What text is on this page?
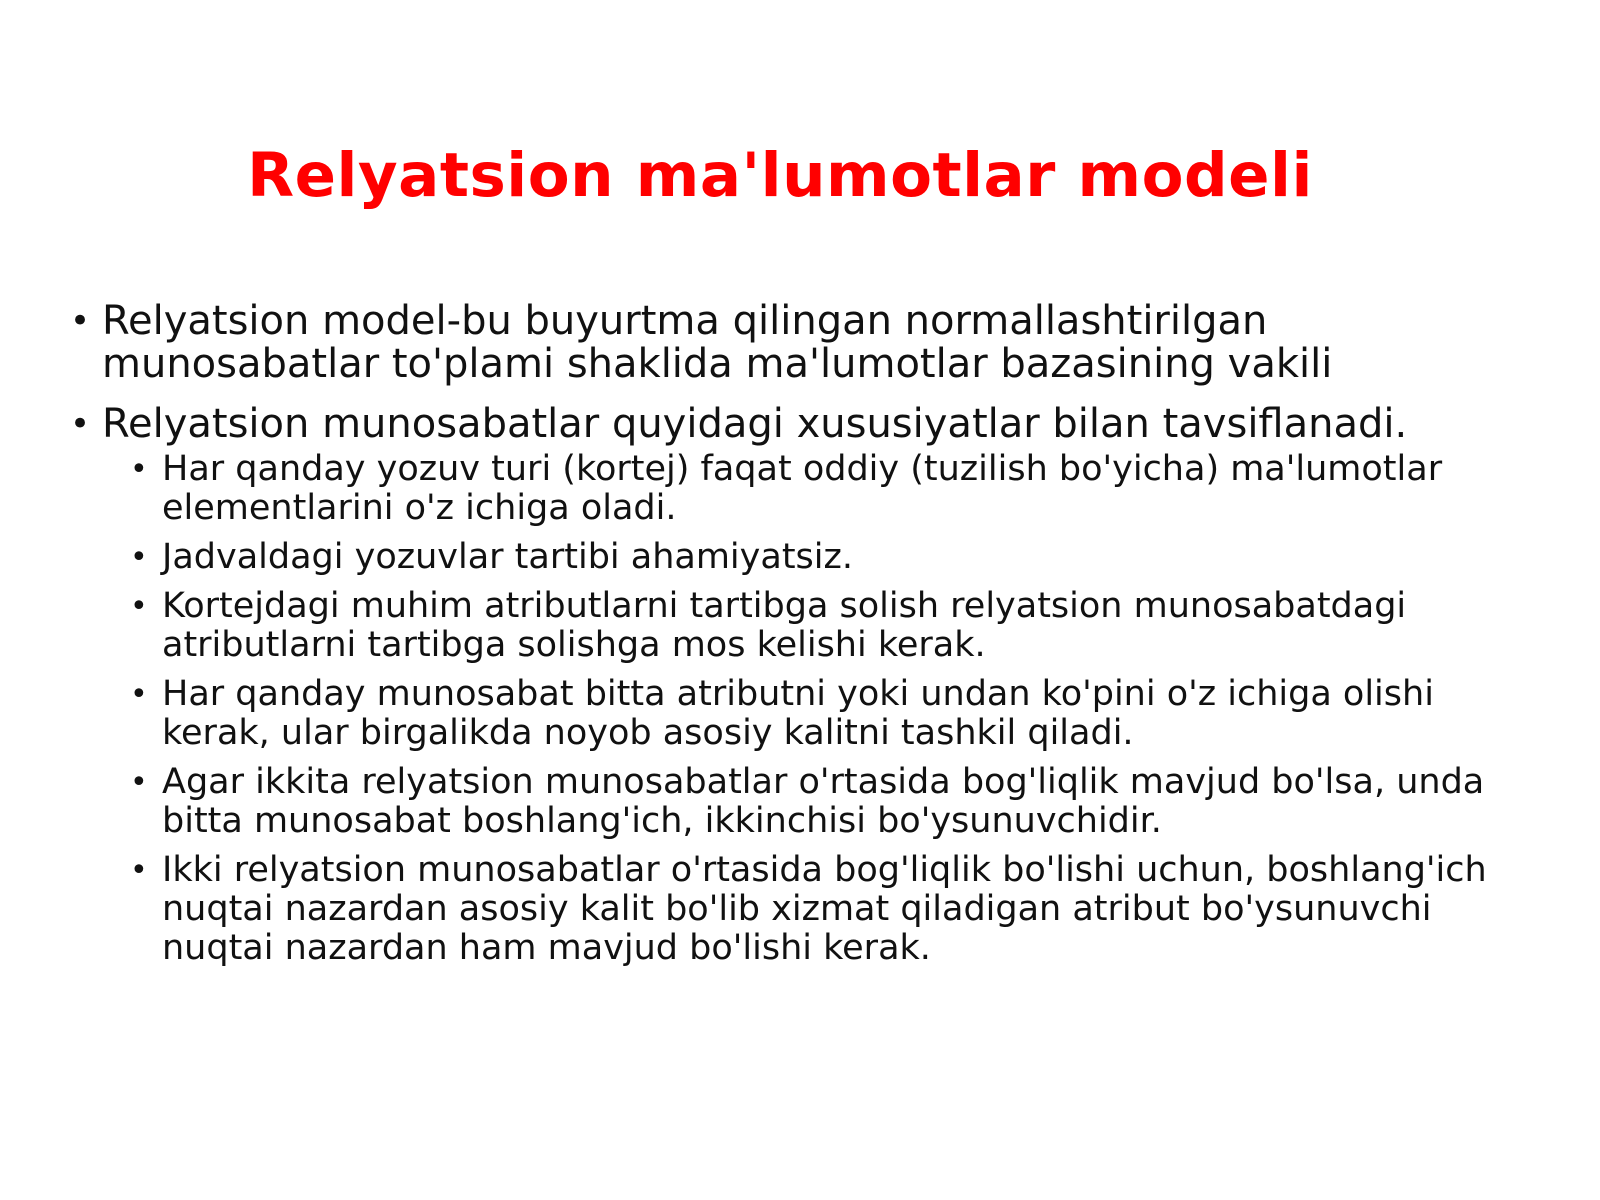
Relyatsion ma'lumotlar modeli
• Relyatsion model-bu buyurtma qilingan normallashtirilgan munosabatlar to'plami shaklida ma'lumotlar bazasining vakili
• Relyatsion munosabatlar quyidagi xususiyatlar bilan tavsiflanadi.
• Har qanday yozuv turi (kortej) faqat oddiy (tuzilish bo'yicha) ma'lumotlar elementlarini o'z ichiga oladi.
• Jadvaldagi yozuvlar tartibi ahamiyatsiz.
• Kortejdagi muhim atributlarni tartibga solish relyatsion munosabatdagi atributlarni tartibga solishga mos kelishi kerak.
• Har qanday munosabat bitta atributni yoki undan ko'pini o'z ichiga olishi kerak, ular birgalikda noyob asosiy kalitni tashkil qiladi.
• Agar ikkita relyatsion munosabatlar o'rtasida bog'liqlik mavjud bo'lsa, unda bitta munosabat boshlang'ich, ikkinchisi bo'ysunuvchidir.
• Ikki relyatsion munosabatlar o'rtasida bog'liqlik bo'lishi uchun, boshlang'ich nuqtai nazardan asosiy kalit bo'lib xizmat qiladigan atribut bo'ysunuvchi nuqtai nazardan ham mavjud bo'lishi kerak.
